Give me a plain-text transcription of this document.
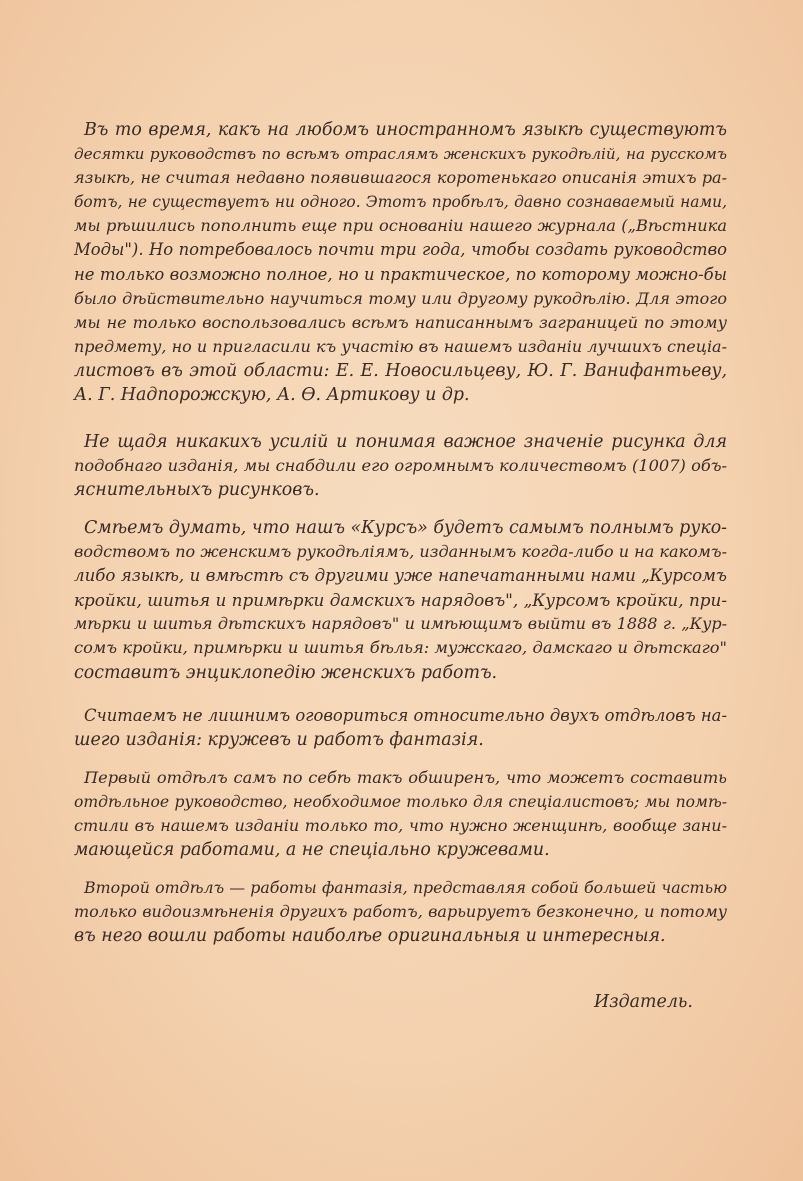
Въ то время, какъ на любомъ иностранномъ языкѣ существуютъ
десятки руководствъ по всѣмъ отраслямъ женскихъ рукодѣлій, на русскомъ
языкѣ, не считая недавно появившагося коротенькаго описанія этихъ ра-
ботъ, не существуетъ ни одного. Этотъ пробѣлъ, давно сознаваемый нами,
мы рѣшились пополнить еще при основаніи нашего журнала („Вѣстника
Моды"). Но потребовалось почти три года, чтобы создать руководство
не только возможно полное, но и практическое, по которому можно-бы
было дѣйствительно научиться тому или другому рукодѣлію. Для этого
мы не только воспользовались всѣмъ написаннымъ заграницей по этому
предмету, но и пригласили къ участію въ нашемъ изданіи лучшихъ спеціа-
листовъ въ этой области: Е. Е. Новосильцеву, Ю. Г. Ванифантьеву,
А. Г. Надпорожскую, А. Ѳ. Артикову и др.
Не щадя никакихъ усилій и понимая важное значеніе рисунка для
подобнаго изданія, мы снабдили его огромнымъ количествомъ (1007) объ-
яснительныхъ рисунковъ.
Смѣемъ думать, что нашъ «Курсъ» будетъ самымъ полнымъ руко-
водствомъ по женскимъ рукодѣліямъ, изданнымъ когда-либо и на какомъ-
либо языкѣ, и вмѣстѣ съ другими уже напечатанными нами „Курсомъ
кройки, шитья и примѣрки дамскихъ нарядовъ", „Курсомъ кройки, при-
мѣрки и шитья дѣтскихъ нарядовъ" и имѣющимъ выйти въ 1888 г. „Кур-
сомъ кройки, примѣрки и шитья бѣлья: мужскаго, дамскаго и дѣтскаго"
составитъ энциклопедію женскихъ работъ.
Считаемъ не лишнимъ оговориться относительно двухъ отдѣловъ на-
шего изданія: кружевъ и работъ фантазія.
Первый отдѣлъ самъ по себѣ такъ обширенъ, что можетъ составить
отдѣльное руководство, необходимое только для спеціалистовъ; мы помѣ-
стили въ нашемъ изданіи только то, что нужно женщинѣ, вообще зани-
мающейся работами, а не спеціально кружевами.
Второй отдѣлъ — работы фантазія, представляя собой большей частью
только видоизмѣненія другихъ работъ, варьируетъ безконечно, и потому
въ него вошли работы наиболѣе оригинальныя и интересныя.
Издатель.
